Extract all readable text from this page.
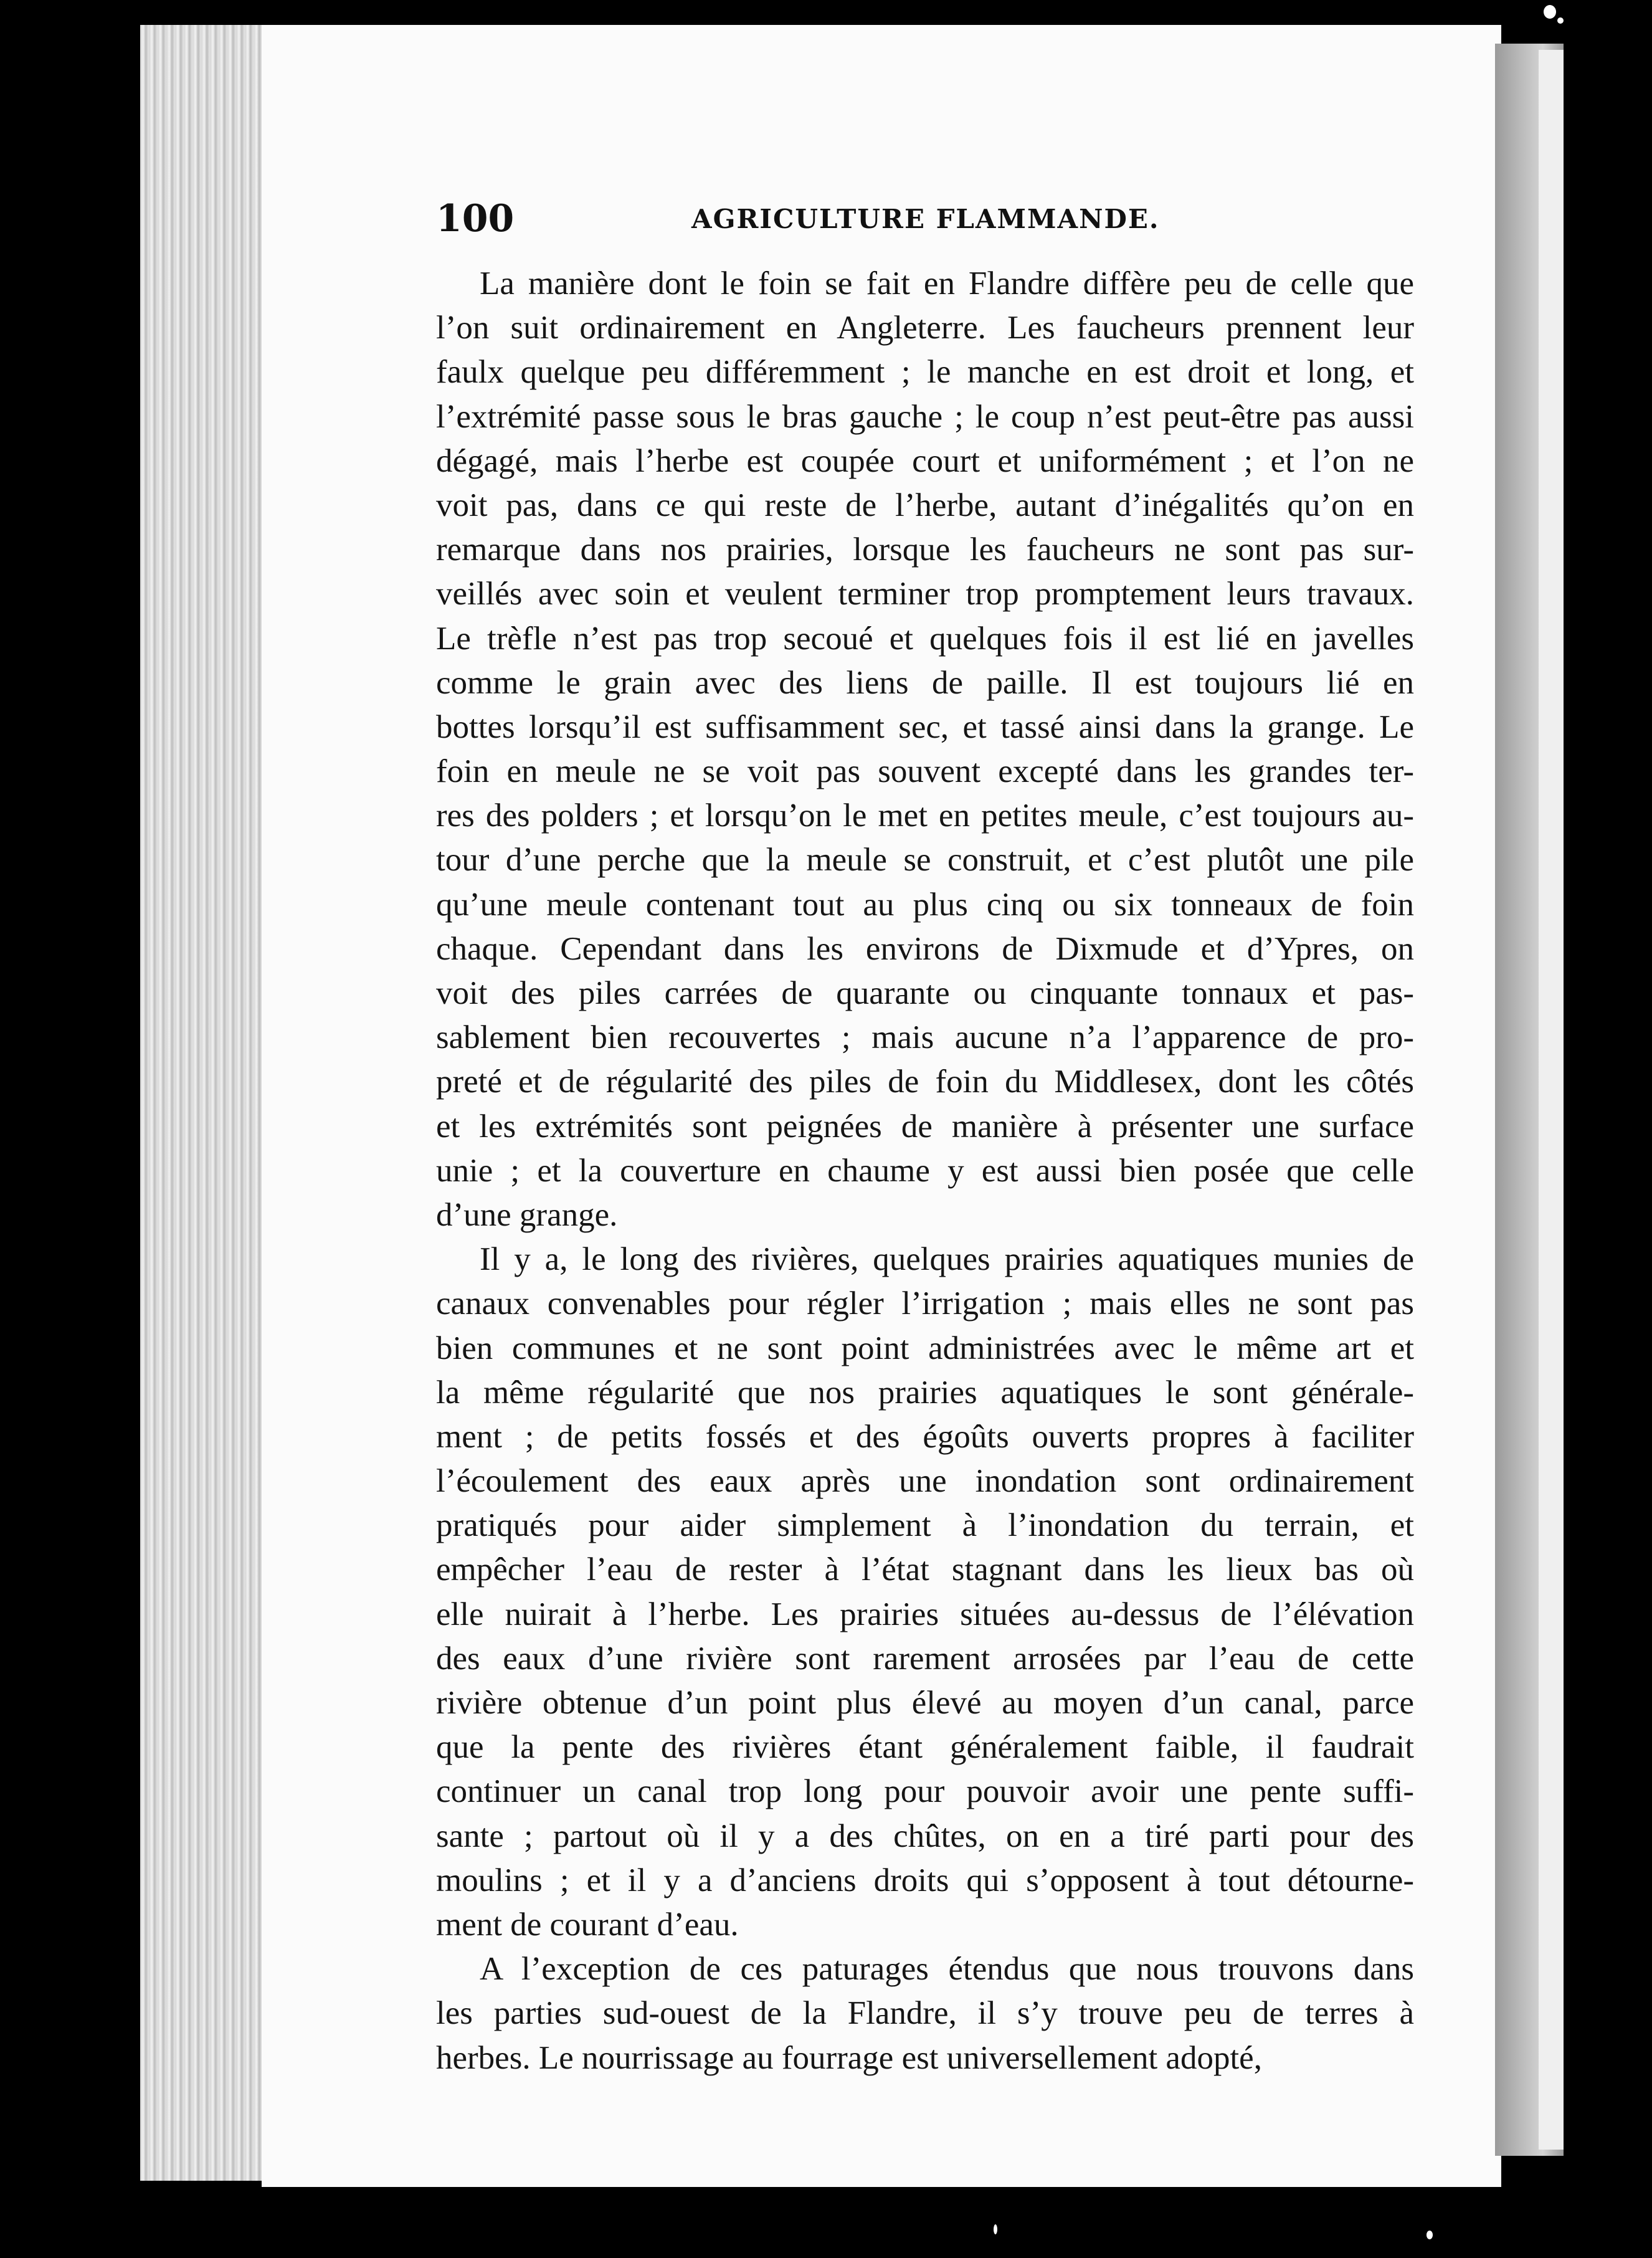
100	AGRICULTURE FLAMMANDE.
La manière dont le foin se fait en Flandre diffère peu de celle que
l’on suit ordinairement en Angleterre. Les faucheurs prennent leur
faulx quelque peu différemment ; le manche en est droit et long, et
l’extrémité passe sous le bras gauche ; le coup n’est peut-être pas aussi
dégagé, mais l’herbe est coupée court et uniformément ; et l’on ne
voit pas, dans ce qui reste de l’herbe, autant d’inégalités qu’on en
remarque dans nos prairies, lorsque les faucheurs ne sont pas sur-
veillés avec soin et veulent terminer trop promptement leurs travaux.
Le trèfle n’est pas trop secoué et quelques fois il est lié en javelles
comme le grain avec des liens de paille. Il est toujours lié en
bottes lorsqu’il est suffisamment sec, et tassé ainsi dans la grange. Le
foin en meule ne se voit pas souvent excepté dans les grandes ter-
res des polders ; et lorsqu’on le met en petites meule, c’est toujours au-
tour d’une perche que la meule se construit, et c’est plutôt une pile
qu’une meule contenant tout au plus cinq ou six tonneaux de foin
chaque. Cependant dans les environs de Dixmude et d’Ypres, on
voit des piles carrées de quarante ou cinquante tonnaux et pas-
sablement bien recouvertes ; mais aucune n’a l’apparence de pro-
preté et de régularité des piles de foin du Middlesex, dont les côtés
et les extrémités sont peignées de manière à présenter une surface
unie ; et la couverture en chaume y est aussi bien posée que celle
d’une grange.
Il y a, le long des rivières, quelques prairies aquatiques munies de
canaux convenables pour régler l’irrigation ; mais elles ne sont pas
bien communes et ne sont point administrées avec le même art et
la même régularité que nos prairies aquatiques le sont générale-
ment ; de petits fossés et des égoûts ouverts propres à faciliter
l’écoulement des eaux après une inondation sont ordinairement
pratiqués pour aider simplement à l’inondation du terrain, et
empêcher l’eau de rester à l’état stagnant dans les lieux bas où
elle nuirait à l’herbe. Les prairies situées au-dessus de l’élévation
des eaux d’une rivière sont rarement arrosées par l’eau de cette
rivière obtenue d’un point plus élevé au moyen d’un canal, parce
que la pente des rivières étant généralement faible, il faudrait
continuer un canal trop long pour pouvoir avoir une pente suffi-
sante ; partout où il y a des chûtes, on en a tiré parti pour des
moulins ; et il y a d’anciens droits qui s’opposent à tout détourne-
ment de courant d’eau.
A l’exception de ces paturages étendus que nous trouvons dans
les parties sud-ouest de la Flandre, il s’y trouve peu de terres à
herbes. Le nourrissage au fourrage est universellement adopté,
